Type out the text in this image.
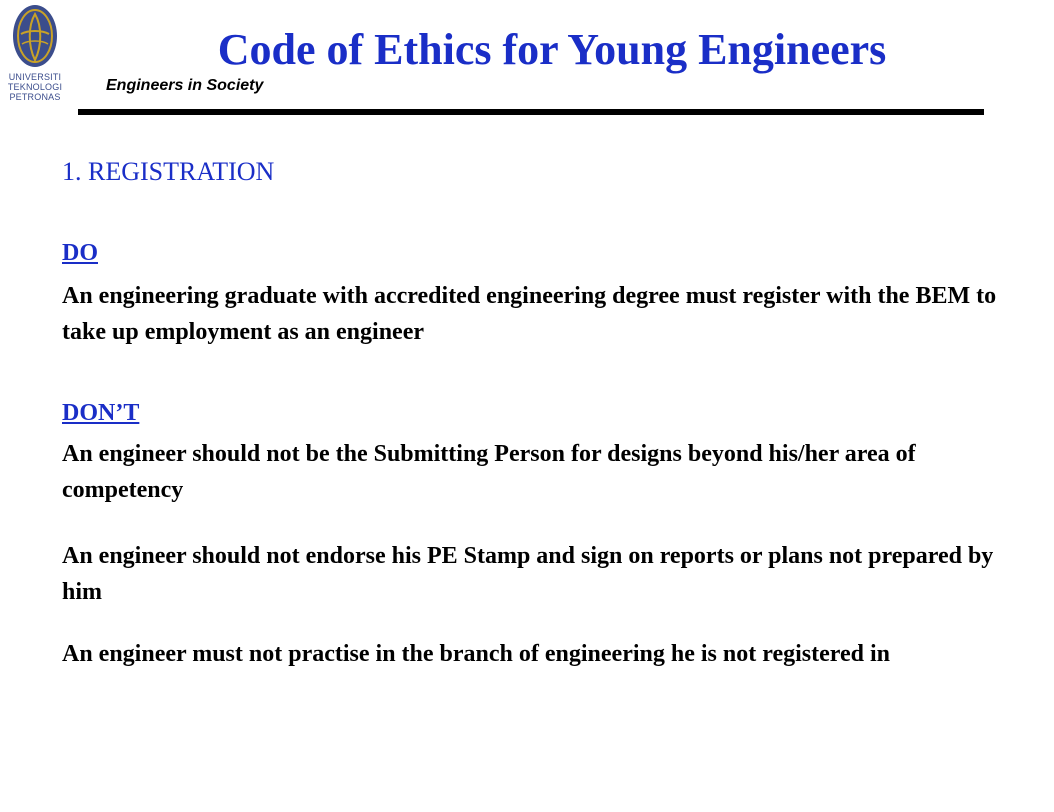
UNIVERSITI
TEKNOLOGI
PETRONAS
Code of Ethics for Young Engineers
Engineers in Society
1. REGISTRATION
DO

An engineering graduate with accredited engineering degree must register with the BEM to take up employment as an engineer

DON’T

An engineer should not be the Submitting Person for designs beyond his/her area of competency

An engineer should not endorse his PE Stamp and sign on reports or plans not prepared by him

An engineer must not practise in the branch of engineering he is not registered in
